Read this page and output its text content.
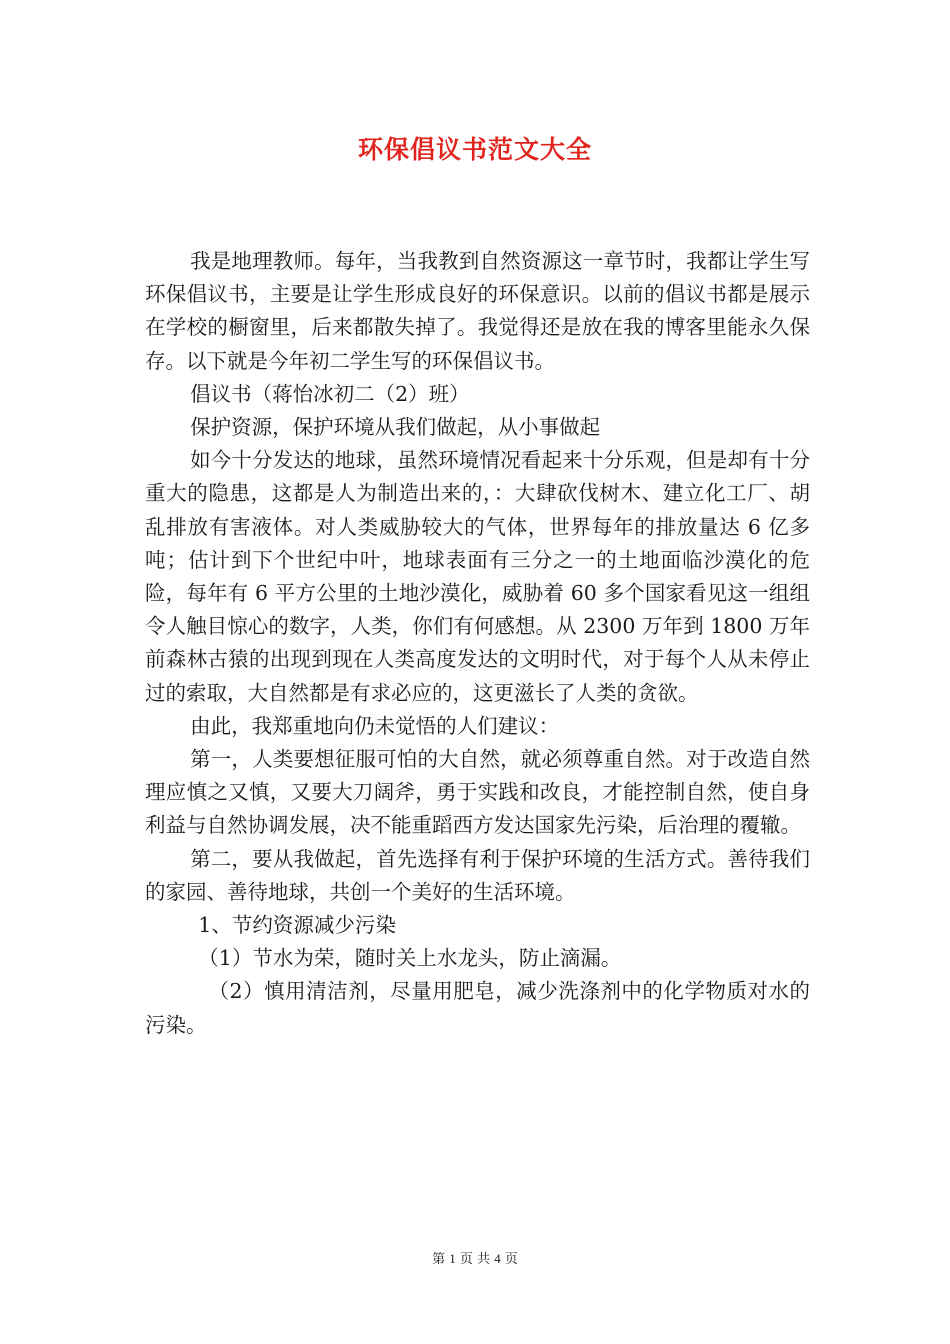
环保倡议书范文大全

我是地理教师。每年，当我教到自然资源这一章节时，我都让学生写环保倡议书，主要是让学生形成良好的环保意识。以前的倡议书都是展示在学校的橱窗里，后来都散失掉了。我觉得还是放在我的博客里能永久保存。以下就是今年初二学生写的环保倡议书。

倡议书（蒋怡冰初二（2）班）

保护资源，保护环境从我们做起，从小事做起

如今十分发达的地球，虽然环境情况看起来十分乐观，但是却有十分重大的隐患，这都是人为制造出来的，：大肆砍伐树木、建立化工厂、胡乱排放有害液体。对人类威胁较大的气体，世界每年的排放量达 6 亿多吨；估计到下个世纪中叶，地球表面有三分之一的土地面临沙漠化的危险，每年有 6 平方公里的土地沙漠化，威胁着 60 多个国家看见这一组组令人触目惊心的数字，人类，你们有何感想。从 2300 万年到 1800 万年前森林古猿的出现到现在人类高度发达的文明时代，对于每个人从未停止过的索取，大自然都是有求必应的，这更滋长了人类的贪欲。

由此，我郑重地向仍未觉悟的人们建议：

第一，人类要想征服可怕的大自然，就必须尊重自然。对于改造自然理应慎之又慎，又要大刀阔斧，勇于实践和改良，才能控制自然，使自身利益与自然协调发展，决不能重蹈西方发达国家先污染，后治理的覆辙。

第二，要从我做起，首先选择有利于保护环境的生活方式。善待我们的家园、善待地球，共创一个美好的生活环境。

1、节约资源减少污染

（1）节水为荣，随时关上水龙头，防止滴漏。

（2）慎用清洁剂，尽量用肥皂，减少洗涤剂中的化学物质对水的污染。

第 1 页 共 4 页
